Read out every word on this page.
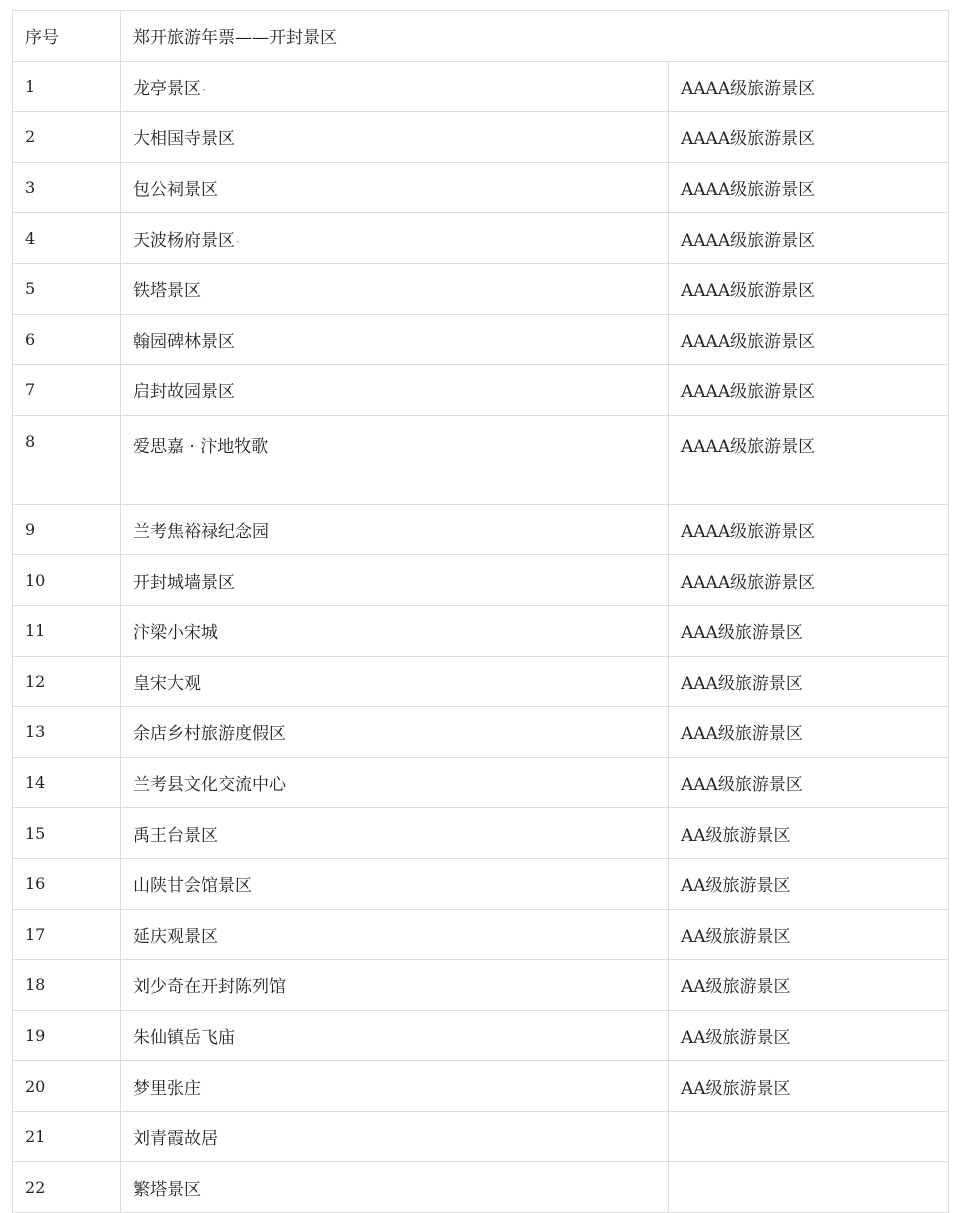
序号	郑开旅游年票——开封景区	
1	龙亭景区·	AAAA级旅游景区
2	大相国寺景区	AAAA级旅游景区
3	包公祠景区	AAAA级旅游景区
4	天波杨府景区·	AAAA级旅游景区
5	铁塔景区	AAAA级旅游景区
6	翰园碑林景区	AAAA级旅游景区
7	启封故园景区	AAAA级旅游景区
8	爱思嘉 · 汴地牧歌	AAAA级旅游景区
9	兰考焦裕禄纪念园	AAAA级旅游景区
10	开封城墙景区	AAAA级旅游景区
11	汴梁小宋城	AAA级旅游景区
12	皇宋大观	AAA级旅游景区
13	余店乡村旅游度假区	AAA级旅游景区
14	兰考县文化交流中心	AAA级旅游景区
15	禹王台景区	AA级旅游景区
16	山陕甘会馆景区	AA级旅游景区
17	延庆观景区	AA级旅游景区
18	刘少奇在开封陈列馆	AA级旅游景区
19	朱仙镇岳飞庙	AA级旅游景区
20	梦里张庄	AA级旅游景区
21	刘青霞故居	
22	繁塔景区	
